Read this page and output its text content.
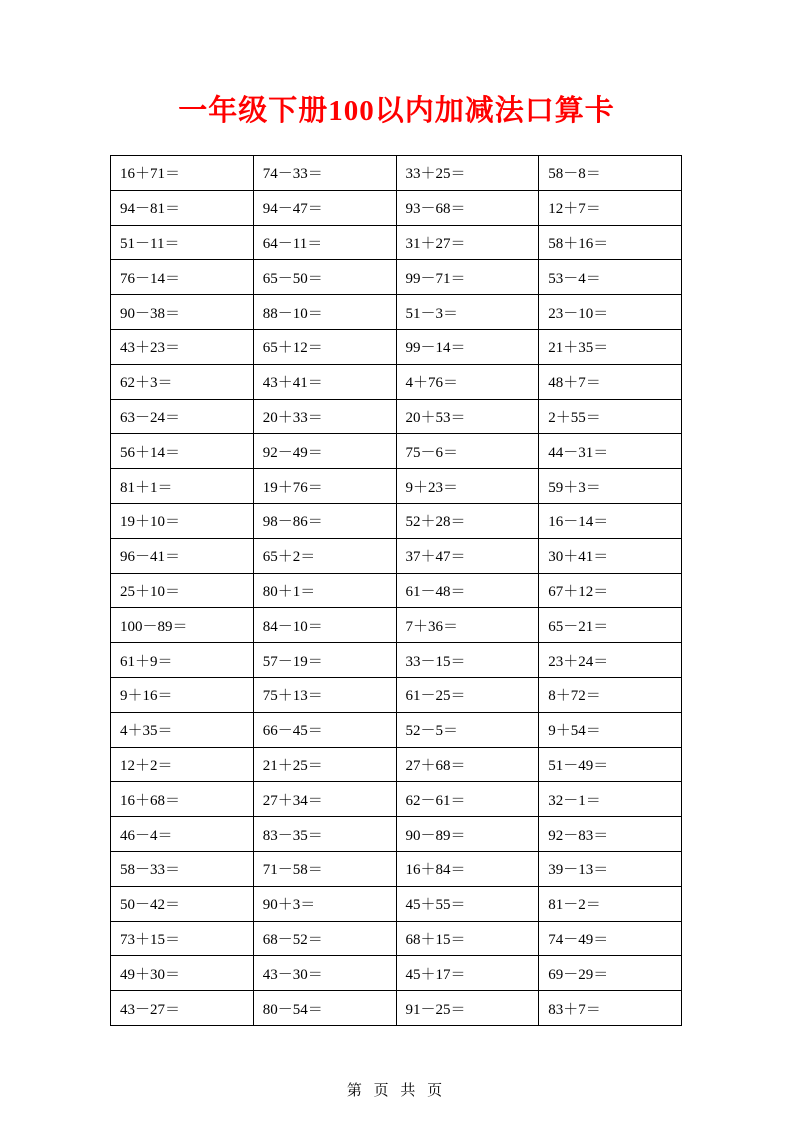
一年级下册100以内加减法口算卡
16＋71＝	74－33＝	33＋25＝	58－8＝
94－81＝	94－47＝	93－68＝	12＋7＝
51－11＝	64－11＝	31＋27＝	58＋16＝
76－14＝	65－50＝	99－71＝	53－4＝
90－38＝	88－10＝	51－3＝	23－10＝
43＋23＝	65＋12＝	99－14＝	21＋35＝
62＋3＝	43＋41＝	4＋76＝	48＋7＝
63－24＝	20＋33＝	20＋53＝	2＋55＝
56＋14＝	92－49＝	75－6＝	44－31＝
81＋1＝	19＋76＝	9＋23＝	59＋3＝
19＋10＝	98－86＝	52＋28＝	16－14＝
96－41＝	65＋2＝	37＋47＝	30＋41＝
25＋10＝	80＋1＝	61－48＝	67＋12＝
100－89＝	84－10＝	7＋36＝	65－21＝
61＋9＝	57－19＝	33－15＝	23＋24＝
9＋16＝	75＋13＝	61－25＝	8＋72＝
4＋35＝	66－45＝	52－5＝	9＋54＝
12＋2＝	21＋25＝	27＋68＝	51－49＝
16＋68＝	27＋34＝	62－61＝	32－1＝
46－4＝	83－35＝	90－89＝	92－83＝
58－33＝	71－58＝	16＋84＝	39－13＝
50－42＝	90＋3＝	45＋55＝	81－2＝
73＋15＝	68－52＝	68＋15＝	74－49＝
49＋30＝	43－30＝	45＋17＝	69－29＝
43－27＝	80－54＝	91－25＝	83＋7＝
第 页 共 页
